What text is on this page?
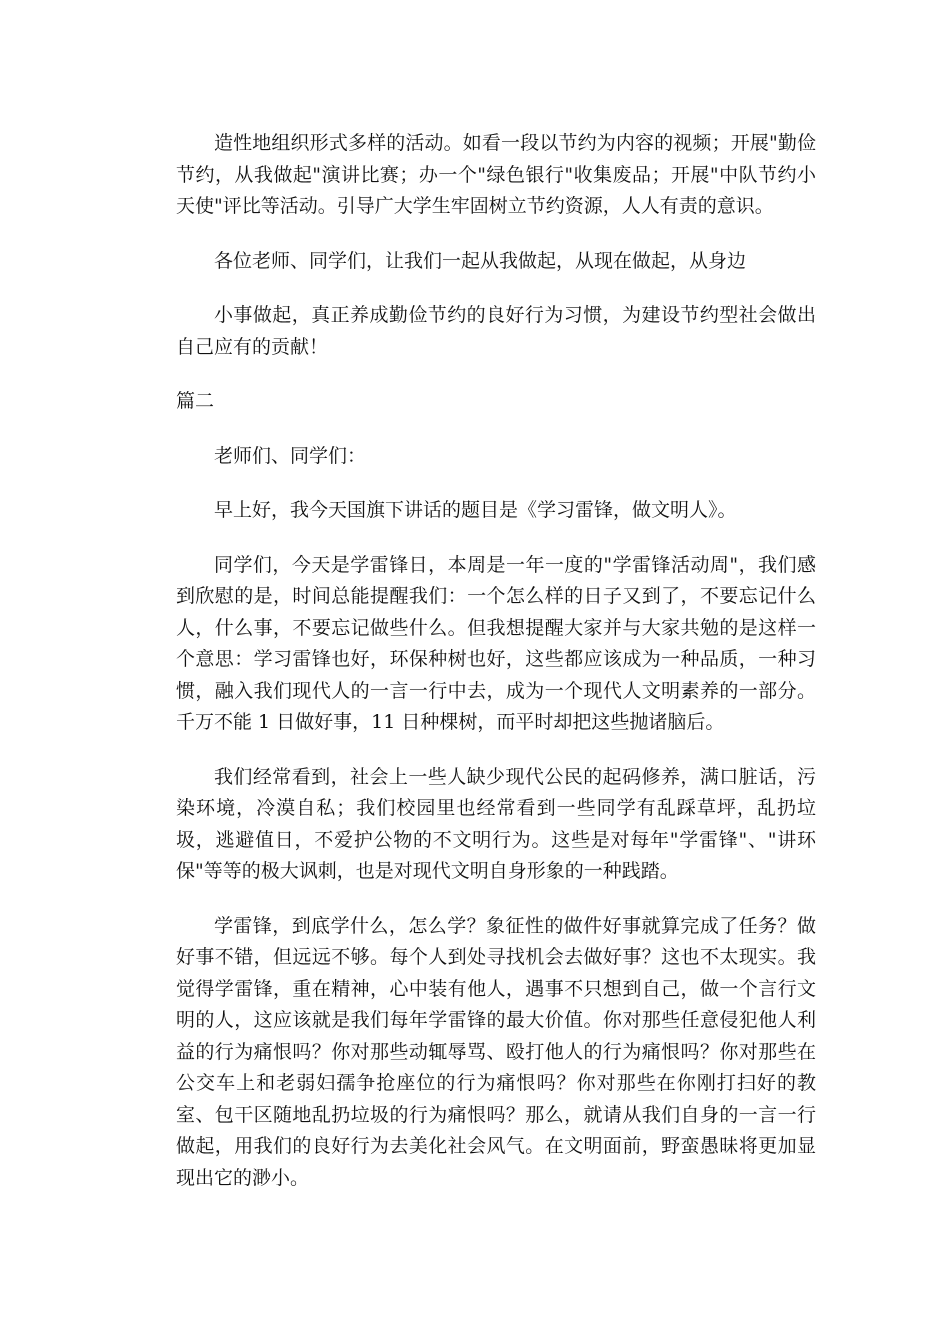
造性地组织形式多样的活动。如看一段以节约为内容的视频；开展"勤俭节约，从我做起"演讲比赛；办一个"绿色银行"收集废品；开展"中队节约小天使"评比等活动。引导广大学生牢固树立节约资源，人人有责的意识。

各位老师、同学们，让我们一起从我做起，从现在做起，从身边

小事做起，真正养成勤俭节约的良好行为习惯，为建设节约型社会做出自己应有的贡献！

篇二

老师们、同学们：

早上好，我今天国旗下讲话的题目是《学习雷锋，做文明人》。

同学们，今天是学雷锋日，本周是一年一度的"学雷锋活动周"，我们感到欣慰的是，时间总能提醒我们：一个怎么样的日子又到了，不要忘记什么人，什么事，不要忘记做些什么。但我想提醒大家并与大家共勉的是这样一个意思：学习雷锋也好，环保种树也好，这些都应该成为一种品质，一种习惯，融入我们现代人的一言一行中去，成为一个现代人文明素养的一部分。千万不能 1 日做好事，11 日种棵树，而平时却把这些抛诸脑后。

我们经常看到，社会上一些人缺少现代公民的起码修养，满口脏话，污染环境，冷漠自私；我们校园里也经常看到一些同学有乱踩草坪，乱扔垃圾，逃避值日，不爱护公物的不文明行为。这些是对每年"学雷锋"、"讲环保"等等的极大讽刺，也是对现代文明自身形象的一种践踏。

学雷锋，到底学什么，怎么学？象征性的做件好事就算完成了任务？做好事不错，但远远不够。每个人到处寻找机会去做好事？这也不太现实。我觉得学雷锋，重在精神，心中装有他人，遇事不只想到自己，做一个言行文明的人，这应该就是我们每年学雷锋的最大价值。你对那些任意侵犯他人利益的行为痛恨吗？你对那些动辄辱骂、殴打他人的行为痛恨吗？你对那些在公交车上和老弱妇孺争抢座位的行为痛恨吗？你对那些在你刚打扫好的教室、包干区随地乱扔垃圾的行为痛恨吗？那么，就请从我们自身的一言一行做起，用我们的良好行为去美化社会风气。在文明面前，野蛮愚昧将更加显现出它的渺小。
